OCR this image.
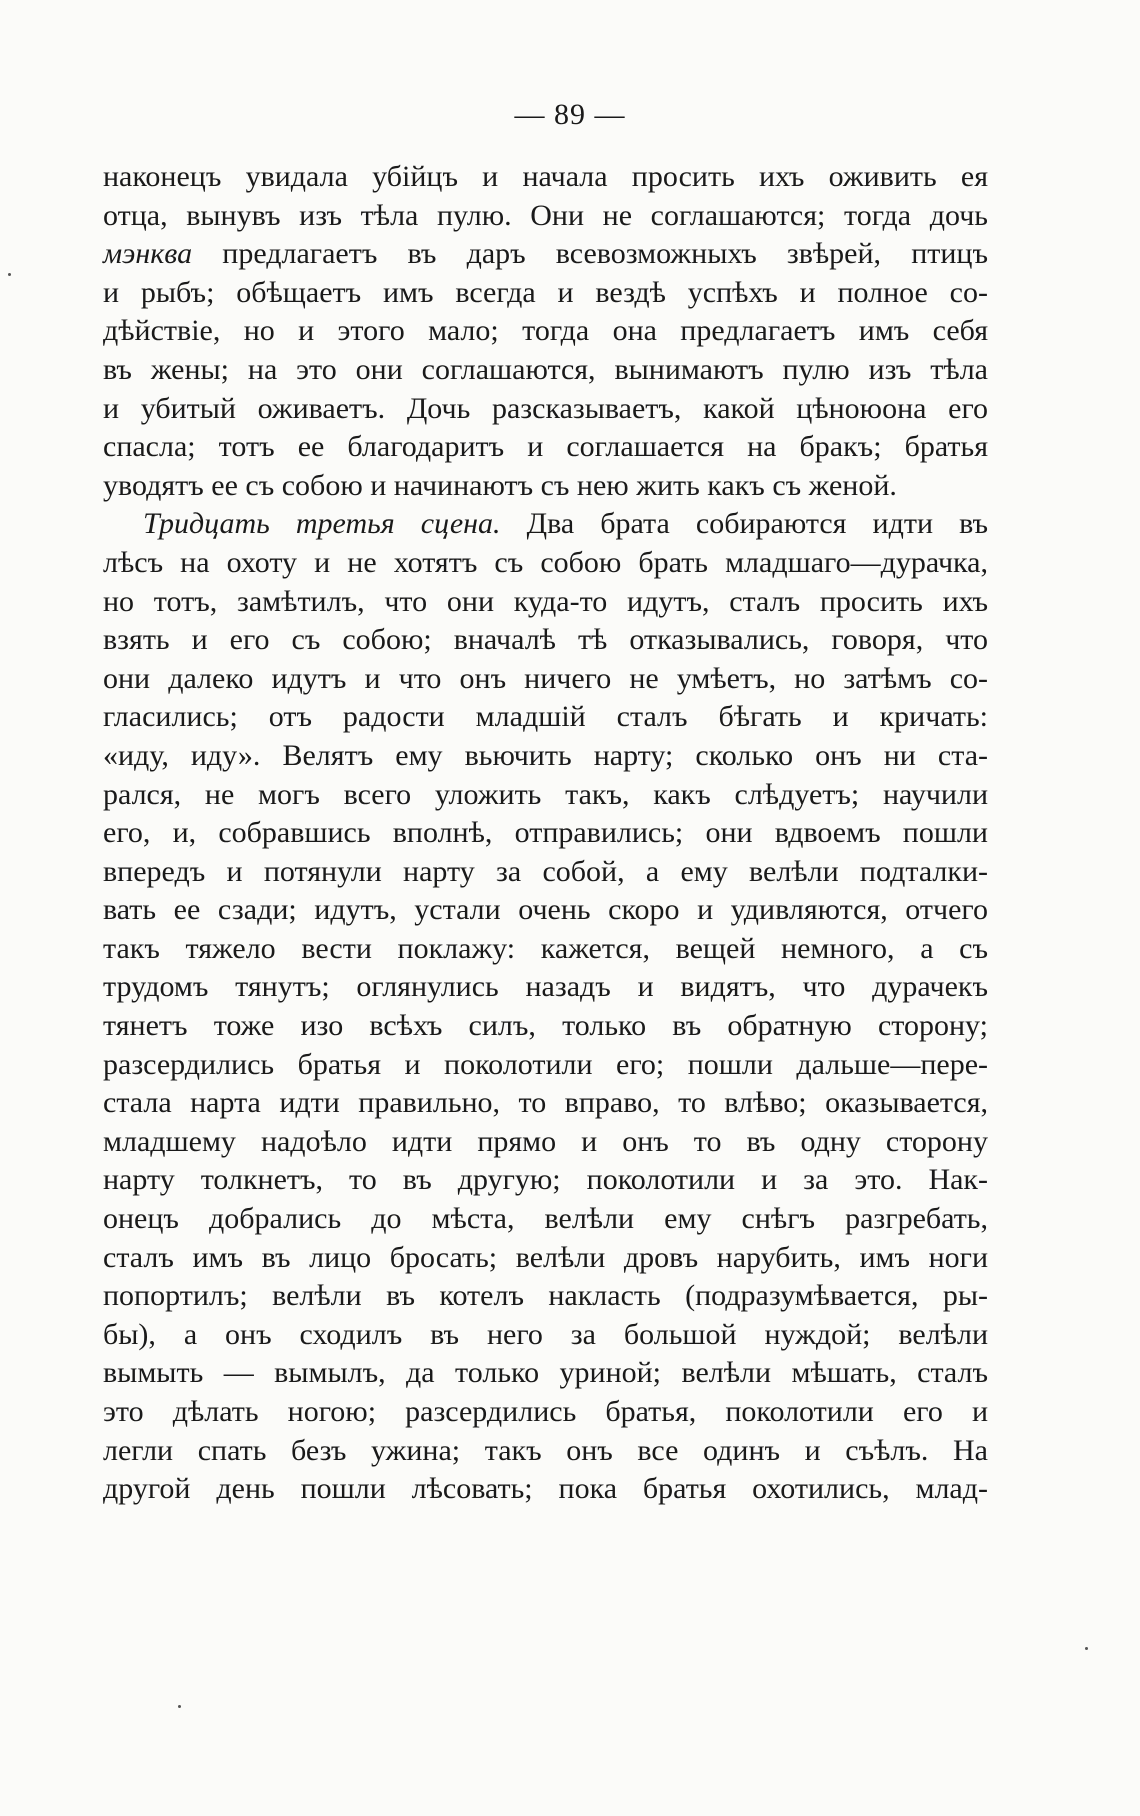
— 89 —
наконецъ увидала убійцъ и начала просить ихъ оживить ея
отца, вынувъ изъ тѣла пулю. Они не соглашаются; тогда дочь
мэнква предлагаетъ въ даръ всевозможныхъ звѣрей, птицъ
и рыбъ; обѣщаетъ имъ всегда и вездѣ успѣхъ и полное со-
дѣйствіе, но и этого мало; тогда она предлагаетъ имъ себя
въ жены; на это они соглашаются, вынимаютъ пулю изъ тѣла
и убитый оживаетъ. Дочь разсказываетъ, какой цѣноюона его
спасла; тотъ ее благодаритъ и соглашается на бракъ; братья
уводятъ ее съ собою и начинаютъ съ нею жить какъ съ женой.
Тридцать третья сцена. Два брата собираются идти въ
лѣсъ на охоту и не хотятъ съ собою брать младшаго—дурачка,
но тотъ, замѣтилъ, что они куда-то идутъ, сталъ просить ихъ
взять и его съ собою; вначалѣ тѣ отказывались, говоря, что
они далеко идутъ и что онъ ничего не умѣетъ, но затѣмъ со-
гласились; отъ радости младшій сталъ бѣгать и кричать:
«иду, иду». Велятъ ему вьючить нарту; сколько онъ ни ста-
рался, не могъ всего уложить такъ, какъ слѣдуетъ; научили
его, и, собравшись вполнѣ, отправились; они вдвоемъ пошли
впередъ и потянули нарту за собой, а ему велѣли подталки-
вать ее сзади; идутъ, устали очень скоро и удивляются, отчего
такъ тяжело вести поклажу: кажется, вещей немного, а съ
трудомъ тянутъ; оглянулись назадъ и видятъ, что дурачекъ
тянетъ тоже изо всѣхъ силъ, только въ обратную сторону;
разсердились братья и поколотили его; пошли дальше—пере-
стала нарта идти правильно, то вправо, то влѣво; оказывается,
младшему надоѣло идти прямо и онъ то въ одну сторону
нарту толкнетъ, то въ другую; поколотили и за это. Нак-
онецъ добрались до мѣста, велѣли ему снѣгъ разгребать,
сталъ имъ въ лицо бросать; велѣли дровъ нарубить, имъ ноги
попортилъ; велѣли въ котелъ накласть (подразумѣвается, ры-
бы), а онъ сходилъ въ него за большой нуждой; велѣли
вымыть — вымылъ, да только уриной; велѣли мѣшать, сталъ
это дѣлать ногою; разсердились братья, поколотили его и
легли спать безъ ужина; такъ онъ все одинъ и съѣлъ. На
другой день пошли лѣсовать; пока братья охотились, млад-
